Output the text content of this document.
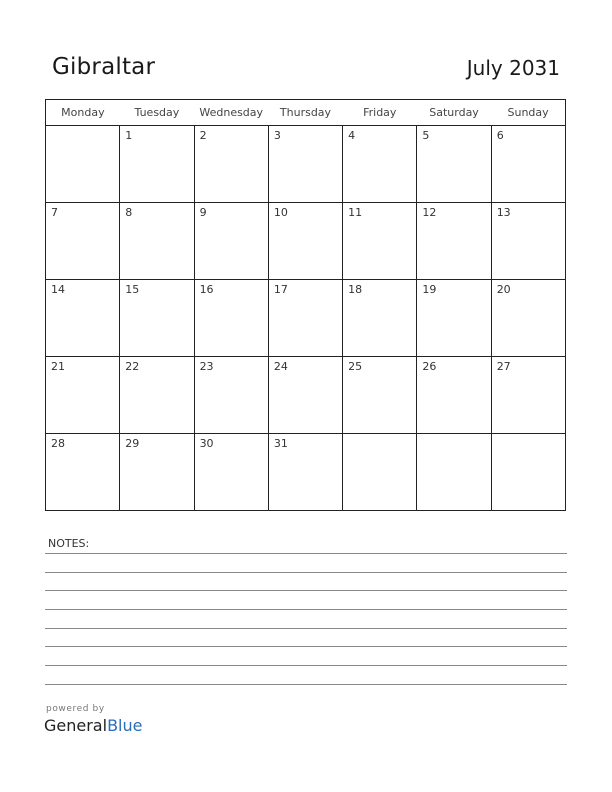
Gibraltar	July 2031
Monday	Tuesday	Wednesday	Thursday	Friday	Saturday	Sunday

	1	2	3	4	5	6

7	8	9	10	11	12	13

14	15	16	17	18	19	20

21	22	23	24	25	26	27

28	29	30	31			

NOTES:
powered by
GeneralBlue
